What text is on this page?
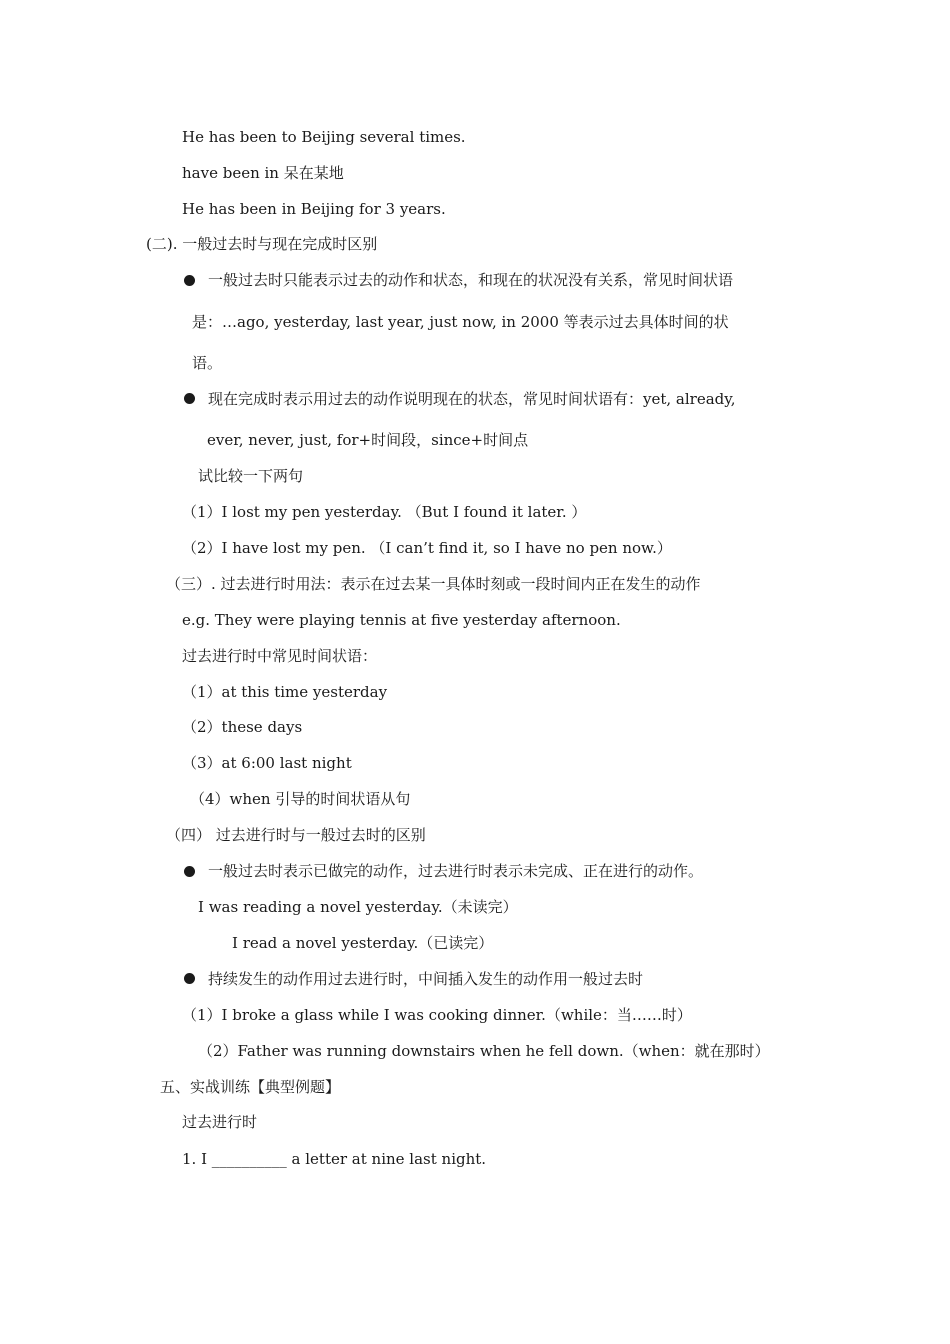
He has been to Beijing several times.
have been in 呆在某地
He has been in Beijing for 3 years.
(二). 一般过去时与现在完成时区别
一般过去时只能表示过去的动作和状态，和现在的状况没有关系，常见时间状语
是：…ago, yesterday, last year, just now, in 2000 等表示过去具体时间的状
语。
现在完成时表示用过去的动作说明现在的状态，常见时间状语有：yet, already,
ever, never, just, for+时间段，since+时间点
试比较一下两句
（1）I lost my pen yesterday. （But I found it later. ）
（2）I have lost my pen. （I can’t find it, so I have no pen now.）
（三）. 过去进行时用法：表示在过去某一具体时刻或一段时间内正在发生的动作
e.g. They were playing tennis at five yesterday afternoon.
过去进行时中常见时间状语：
（1）at this time yesterday
（2）these days
（3）at 6:00 last night
（4）when 引导的时间状语从句
（四） 过去进行时与一般过去时的区别
一般过去时表示已做完的动作，过去进行时表示未完成、正在进行的动作。
I was reading a novel yesterday.（未读完）
I read a novel yesterday.（已读完）
持续发生的动作用过去进行时，中间插入发生的动作用一般过去时
（1）I broke a glass while I was cooking dinner.（while：当……时）
（2）Father was running downstairs when he fell down.（when：就在那时）
五、实战训练【典型例题】
过去进行时
1. I __________ a letter at nine last night.
